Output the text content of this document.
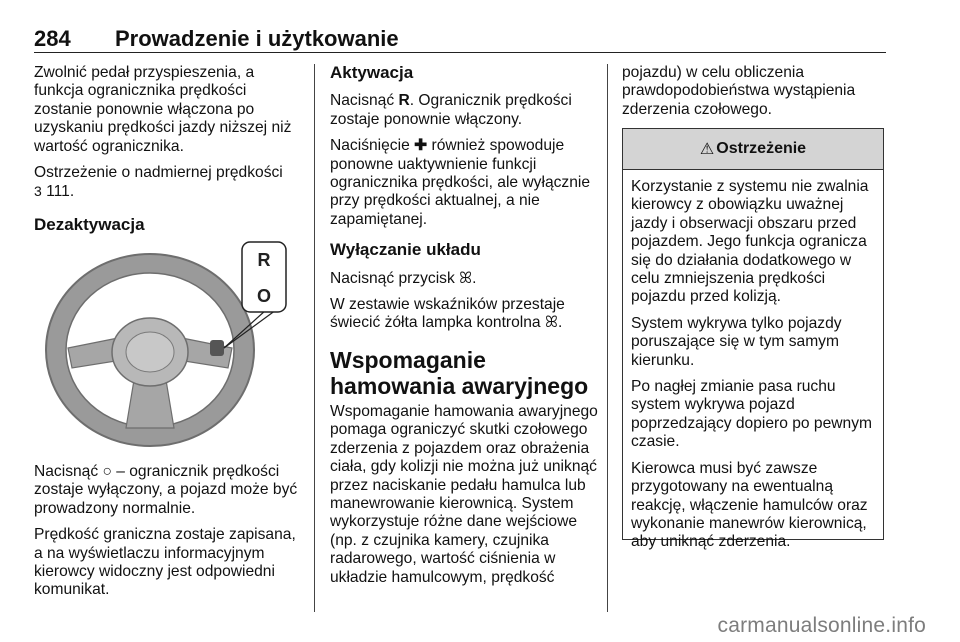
284 Prowadzenie i użytkowanie

Zwolnić pedał przyspieszenia, a funkcja ogranicznika prędkości zostanie ponownie włączona po uzyskaniu prędkości jazdy niższej niż wartość ogranicznika.

Ostrzeżenie o nadmiernej prędkości
3 111.

Dezaktywacja
R
O

Nacisnąć ○ – ogranicznik prędkości zostaje wyłączony, a pojazd może być prowadzony normalnie.

Prędkość graniczna zostaje zapisana, a na wyświetlaczu informacyjnym kierowcy widoczny jest odpowiedni komunikat.

Aktywacja

Nacisnąć R. Ogranicznik prędkości zostaje ponownie włączony.

Naciśnięcie ✚ również spowoduje ponowne uaktywnienie funkcji ogranicznika prędkości, ale wyłącznie przy prędkości aktualnej, a nie zapamiętanej.

Wyłączanie układu

Nacisnąć przycisk ꕤ.

W zestawie wskaźników przestaje świecić żółta lampka kontrolna ꕤ.

Wspomaganie hamowania awaryjnego

Wspomaganie hamowania awaryjnego pomaga ograniczyć skutki czołowego zderzenia z pojazdem oraz obrażenia ciała, gdy kolizji nie można już uniknąć przez naciskanie pedału hamulca lub manewrowanie kierownicą. System wykorzystuje różne dane wejściowe (np. z czujnika kamery, czujnika radarowego, wartość ciśnienia w układzie hamulcowym, prędkość

pojazdu) w celu obliczenia prawdopodobieństwa wystąpienia zderzenia czołowego.

⚠ Ostrzeżenie

Korzystanie z systemu nie zwalnia kierowcy z obowiązku uważnej jazdy i obserwacji obszaru przed pojazdem. Jego funkcja ogranicza się do działania dodatkowego w celu zmniejszenia prędkości pojazdu przed kolizją.

System wykrywa tylko pojazdy poruszające się w tym samym kierunku.

Po nagłej zmianie pasa ruchu system wykrywa pojazd poprzedzający dopiero po pewnym czasie.

Kierowca musi być zawsze przygotowany na ewentualną reakcję, włączenie hamulców oraz wykonanie manewrów kierownicą, aby uniknąć zderzenia.

carmanualsonline.info
